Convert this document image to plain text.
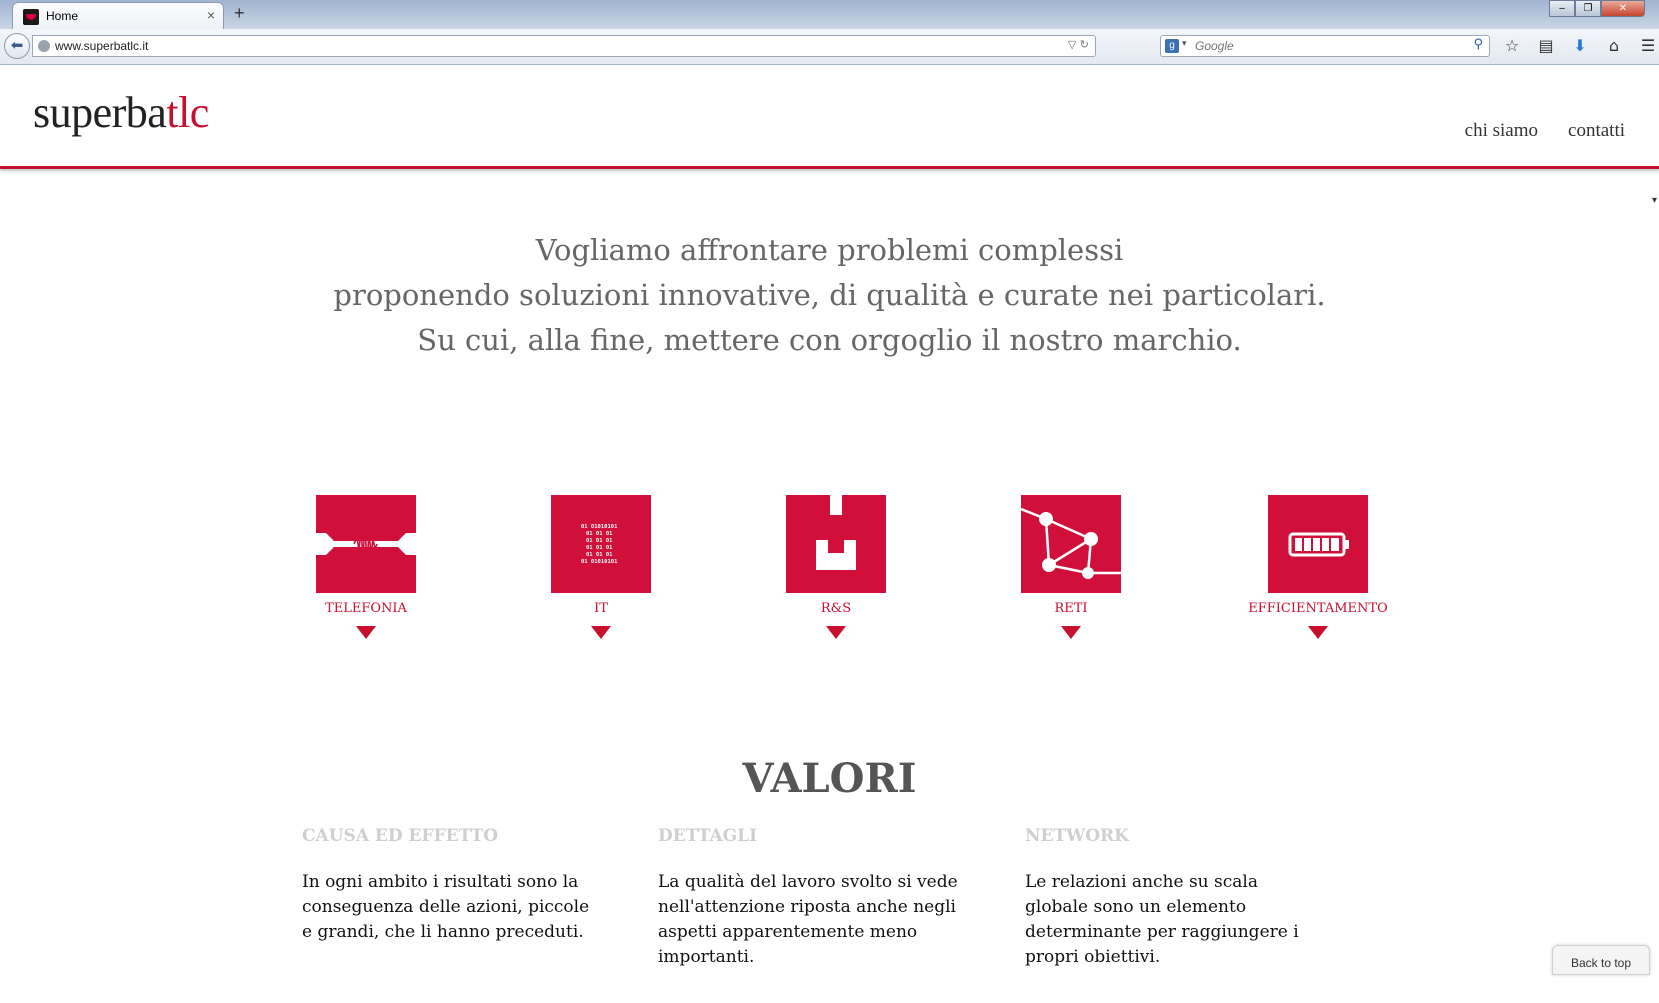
Home	× +	–	❐	✕
⬅	www.superbatlc.it	▽ ↻	g ▾
Google	⚲	☆	▤	⬇	⌂	☰
superbatlc	chi siamo contatti
▾
Vogliamo affrontare problemi complessi
proponendo soluzioni innovative, di qualità e curate nei particolari.
Su cui, alla fine, mettere con orgoglio il nostro marchio.
TELEFONIA
01 01010101
01 01 01
01 01 01
01 01 01
01 01 01
01 01010101
IT	R&S	RETI	EFFICIENTAMENTO
VALORI
CAUSA ED EFFETTO

In ogni ambito i risultati sono la conseguenza delle azioni, piccole e grandi, che li hanno preceduti.

DETTAGLI

La qualità del lavoro svolto si vede nell'attenzione riposta anche negli aspetti apparentemente meno importanti.

NETWORK

Le relazioni anche su scala globale sono un elemento determinante per raggiungere i propri obiettivi.	Back to top
